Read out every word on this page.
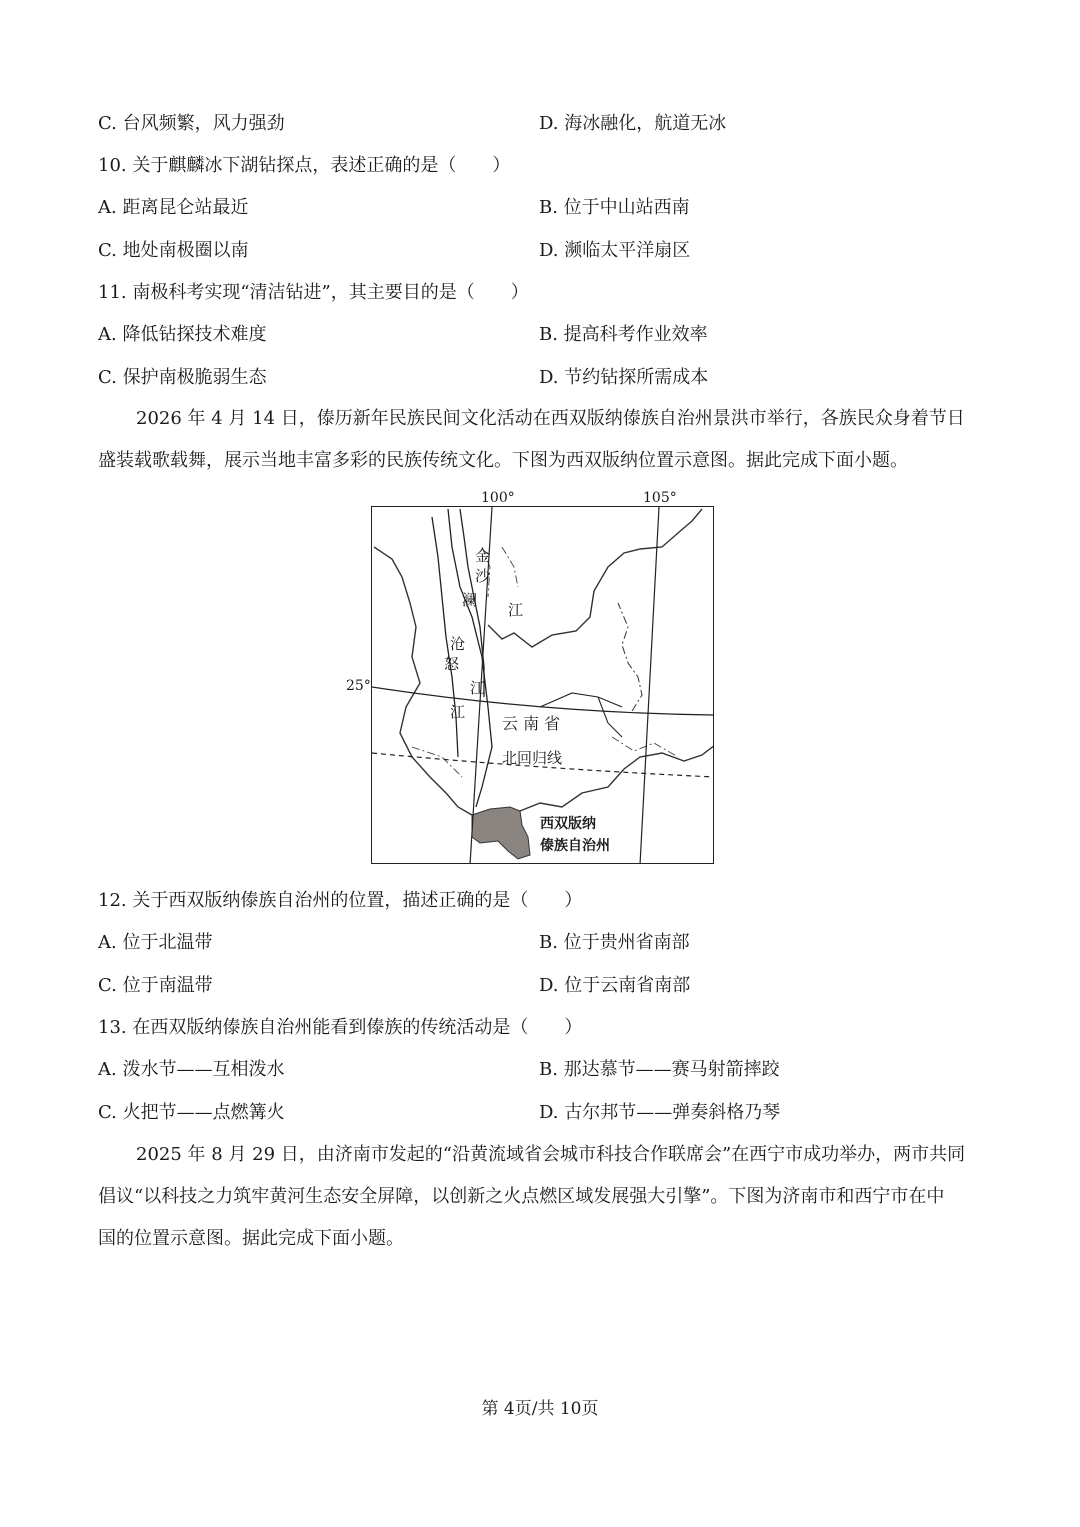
C. 台风频繁，风力强劲	D. 海冰融化，航道无冰
10. 关于麒麟冰下湖钻探点，表述正确的是（　　）
A. 距离昆仑站最近	B. 位于中山站西南
C. 地处南极圈以南	D. 濒临太平洋扇区
11. 南极科考实现“清洁钻进”，其主要目的是（　　）
A. 降低钻探技术难度	B. 提高科考作业效率
C. 保护南极脆弱生态	D. 节约钻探所需成本
2026 年 4 月 14 日，傣历新年民族民间文化活动在西双版纳傣族自治州景洪市举行，各族民众身着节日
盛装载歌载舞，展示当地丰富多彩的民族传统文化。下图为西双版纳位置示意图。据此完成下面小题。
100°	105°
25°
金
沙
江
澜
沧
江
怒
江
云 南 省
北回归线
西双版纳
傣族自治州
12. 关于西双版纳傣族自治州的位置，描述正确的是（　　）
A. 位于北温带	B. 位于贵州省南部
C. 位于南温带	D. 位于云南省南部
13. 在西双版纳傣族自治州能看到傣族的传统活动是（　　）
A. 泼水节——互相泼水	B. 那达慕节——赛马射箭摔跤
C. 火把节——点燃篝火	D. 古尔邦节——弹奏斜格乃琴
2025 年 8 月 29 日，由济南市发起的“沿黄流域省会城市科技合作联席会”在西宁市成功举办，两市共同
倡议“以科技之力筑牢黄河生态安全屏障，以创新之火点燃区域发展强大引擎”。下图为济南市和西宁市在中
国的位置示意图。据此完成下面小题。
第 4页/共 10页
